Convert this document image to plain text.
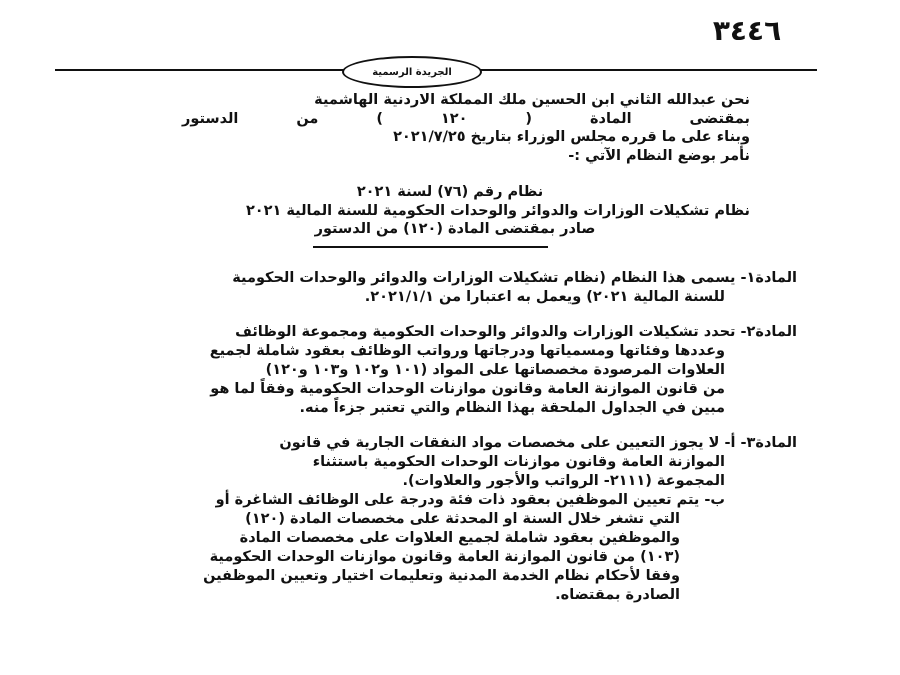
٣٤٤٦
الجريدة الرسمية
نحن عبدالله الثاني ابن الحسين ملك المملكة الاردنية الهاشمية
بمقتضى المادة ( ١٢٠ ) من الدستور
وبناء على ما قرره مجلس الوزراء بتاريخ ٢٠٢١/٧/٢٥
نأمر بوضع النظام الآتي :-
نظام رقم (٧٦) لسنة ٢٠٢١
نظام تشكيلات الوزارات والدوائر والوحدات الحكومية للسنة المالية ٢٠٢١
صادر بمقتضى المادة (١٢٠) من الدستور
المادة١- يسمى هذا النظام (نظام تشكيلات الوزارات والدوائر والوحدات الحكومية
للسنة المالية ٢٠٢١) ويعمل به اعتبارا من ٢٠٢١/١/١.
المادة٢- تحدد تشكيلات الوزارات والدوائر والوحدات الحكومية ومجموعة الوظائف
وعددها وفئاتها ومسمياتها ودرجاتها ورواتب الوظائف بعقود شاملة لجميع
العلاوات المرصودة مخصصاتها على المواد (١٠١ و١٠٢ و١٠٣ و١٢٠)
من قانون الموازنة العامة وقانون موازنات الوحدات الحكومية وفقاً لما هو
مبين في الجداول الملحقة بهذا النظام والتي تعتبر جزءاً منه.
المادة٣- أ- لا يجوز التعيين على مخصصات مواد النفقات الجارية في قانون
الموازنة العامة وقانون موازنات الوحدات الحكومية باستثناء
المجموعة (٢١١١- الرواتب والأجور والعلاوات).
ب- يتم تعيين الموظفين بعقود ذات فئة ودرجة على الوظائف الشاغرة أو
التي تشغر خلال السنة او المحدثة على مخصصات المادة (١٢٠)
والموظفين بعقود شاملة لجميع العلاوات على مخصصات المادة
(١٠٣) من قانون الموازنة العامة وقانون موازنات الوحدات الحكومية
وفقا لأحكام نظام الخدمة المدنية وتعليمات اختيار وتعيين الموظفين
الصادرة بمقتضاه.
